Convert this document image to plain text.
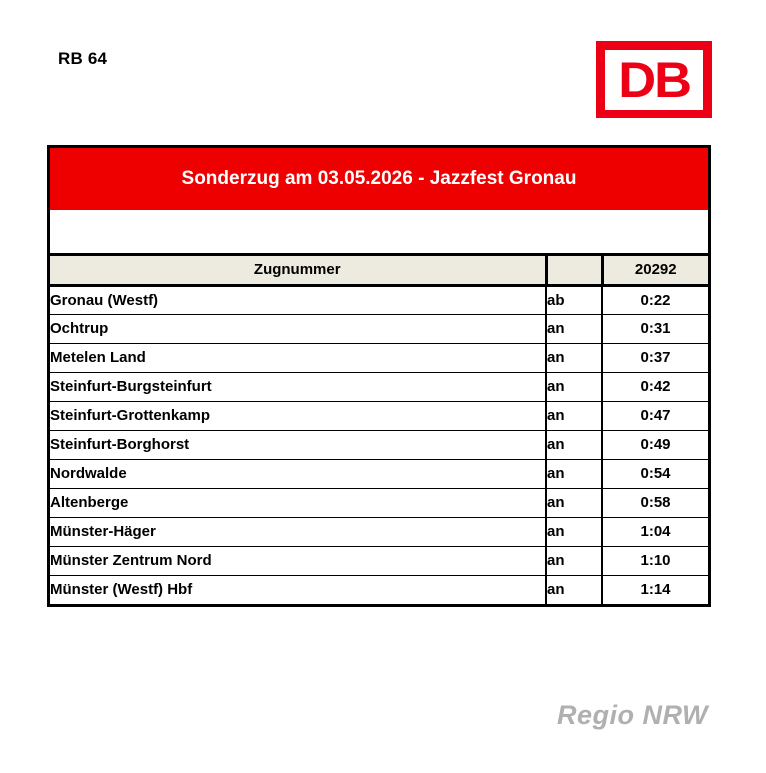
RB 64	DB
Sonderzug am 03.05.2026 - Jazzfest Gronau
Zugnummer		20292
Gronau (Westf)	ab	0:22
Ochtrup	an	0:31
Metelen Land	an	0:37
Steinfurt-Burgsteinfurt	an	0:42
Steinfurt-Grottenkamp	an	0:47
Steinfurt-Borghorst	an	0:49
Nordwalde	an	0:54
Altenberge	an	0:58
Münster-Häger	an	1:04
Münster Zentrum Nord	an	1:10
Münster (Westf) Hbf	an	1:14
Regio NRW
